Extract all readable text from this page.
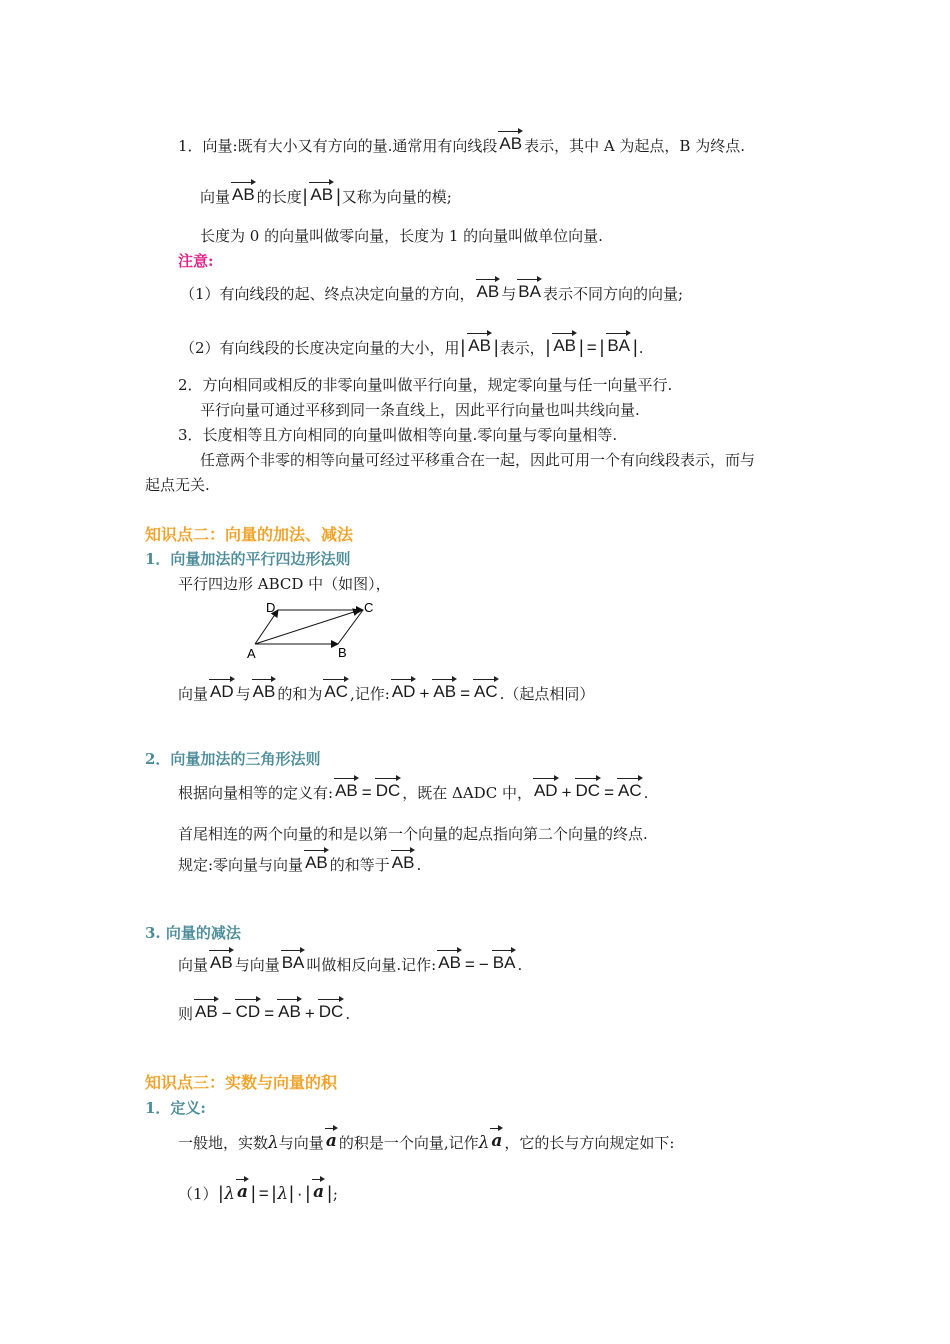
1．向量:既有大小又有方向的量.通常用有向线段 AB 表示，其中 A 为起点，B 为终点.
向量 AB 的长度| AB |又称为向量的模;
长度为 0 的向量叫做零向量，长度为 1 的向量叫做单位向量.
注意:
（1）有向线段的起、终点决定向量的方向， AB 与 BA 表示不同方向的向量;
（2）有向线段的长度决定向量的大小，用| AB |表示，| AB | = | BA |.
2．方向相同或相反的非零向量叫做平行向量，规定零向量与任一向量平行.
平行向量可通过平移到同一条直线上，因此平行向量也叫共线向量.
3．长度相等且方向相同的向量叫做相等向量.零向量与零向量相等.
任意两个非零的相等向量可经过平移重合在一起，因此可用一个有向线段表示，而与
起点无关.
知识点二：向量的加法、减法
1．向量加法的平行四边形法则
平行四边形 ABCD 中（如图），
A	B
C
D
向量 AD 与 AB 的和为 AC ,记作: AD + AB = AC .（起点相同）
2．向量加法的三角形法则
根据向量相等的定义有: AB = DC ，既在 ΔADC 中， AD + DC = AC .
首尾相连的两个向量的和是以第一个向量的起点指向第二个向量的终点.
规定:零向量与向量 AB 的和等于 AB .
3. 向量的减法
向量 AB 与向量 BA 叫做相反向量.记作: AB = − BA .
则 AB − CD = AB + DC .
知识点三：实数与向量的积
1．定义:
一般地，实数λ与向量 a 的积是一个向量,记作λ a ，它的长与方向规定如下:
（1）|λ a | = |λ| · | a |;
